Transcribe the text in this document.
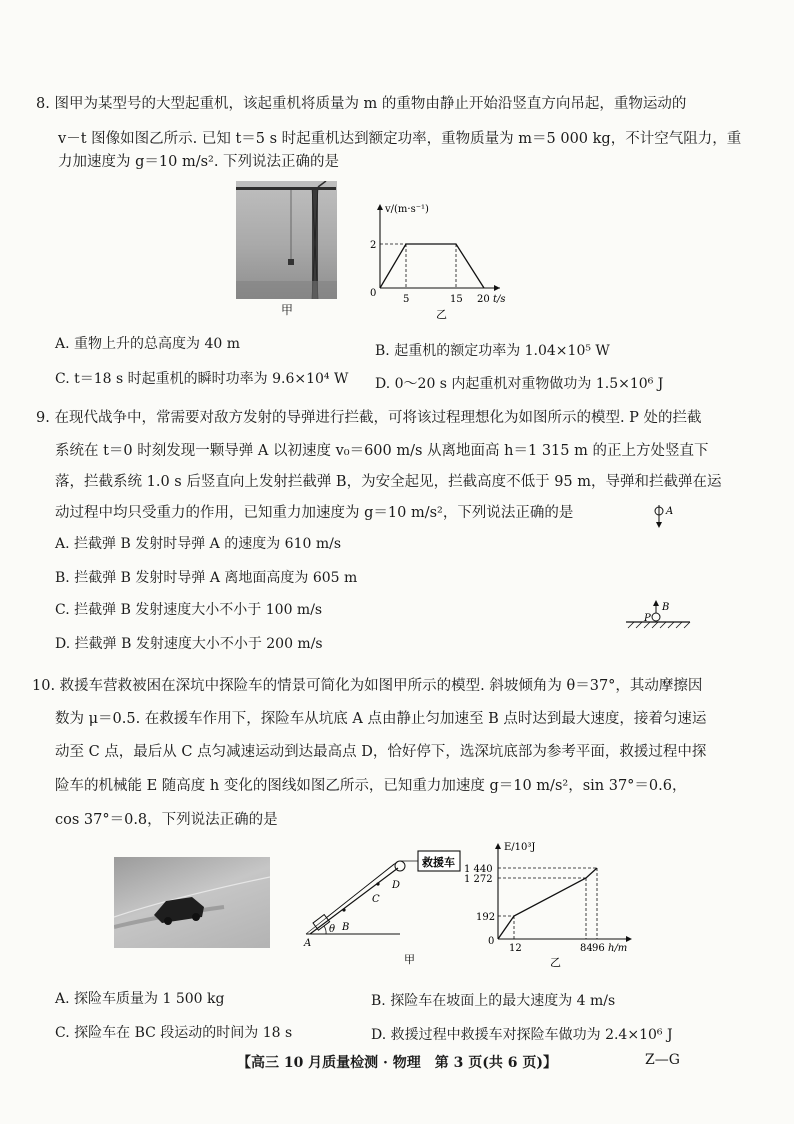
8. 图甲为某型号的大型起重机，该起重机将质量为 m 的重物由静止开始沿竖直方向吊起，重物运动的
v－t 图像如图乙所示. 已知 t＝5 s 时起重机达到额定功率，重物质量为 m＝5 000 kg，不计空气阻力，重
力加速度为 g＝10 m/s². 下列说法正确的是
甲
v/(m·s⁻¹)
2
0
5	15 20 t/s
乙
A. 重物上升的总高度为 40 m	B. 起重机的额定功率为 1.04×10⁵ W
C. t＝18 s 时起重机的瞬时功率为 9.6×10⁴ W D. 0～20 s 内起重机对重物做功为 1.5×10⁶ J
9. 在现代战争中，常需要对敌方发射的导弹进行拦截，可将该过程理想化为如图所示的模型. P 处的拦截
系统在 t＝0 时刻发现一颗导弹 A 以初速度 v₀＝600 m/s 从离地面高 h＝1 315 m 的正上方处竖直下
落，拦截系统 1.0 s 后竖直向上发射拦截弹 B，为安全起见，拦截高度不低于 95 m，导弹和拦截弹在运
动过程中均只受重力的作用，已知重力加速度为 g＝10 m/s²，下列说法正确的是	A
B
P
A. 拦截弹 B 发射时导弹 A 的速度为 610 m/s
B. 拦截弹 B 发射时导弹 A 离地面高度为 605 m
C. 拦截弹 B 发射速度大小不小于 100 m/s
D. 拦截弹 B 发射速度大小不小于 200 m/s
10. 救援车营救被困在深坑中探险车的情景可简化为如图甲所示的模型. 斜坡倾角为 θ＝37°，其动摩擦因
数为 μ＝0.5. 在救援车作用下，探险车从坑底 A 点由静止匀加速至 B 点时达到最大速度，接着匀速运
动至 C 点，最后从 C 点匀减速运动到达最高点 D，恰好停下，选深坑底部为参考平面，救援过程中探
险车的机械能 E 随高度 h 变化的图线如图乙所示，已知重力加速度 g＝10 m/s²，sin 37°＝0.6，
cos 37°＝0.8，下列说法正确的是
救援车
A
B
C
D
θ
甲
E/10³J
1 440
1 272
192
0
12	84 96 h/m
乙
A. 探险车质量为 1 500 kg	B. 探险车在坡面上的最大速度为 4 m/s
C. 探险车在 BC 段运动的时间为 18 s	D. 救援过程中救援车对探险车做功为 2.4×10⁶ J
【高三 10 月质量检测 · 物理　第 3 页(共 6 页)】	Z—G
